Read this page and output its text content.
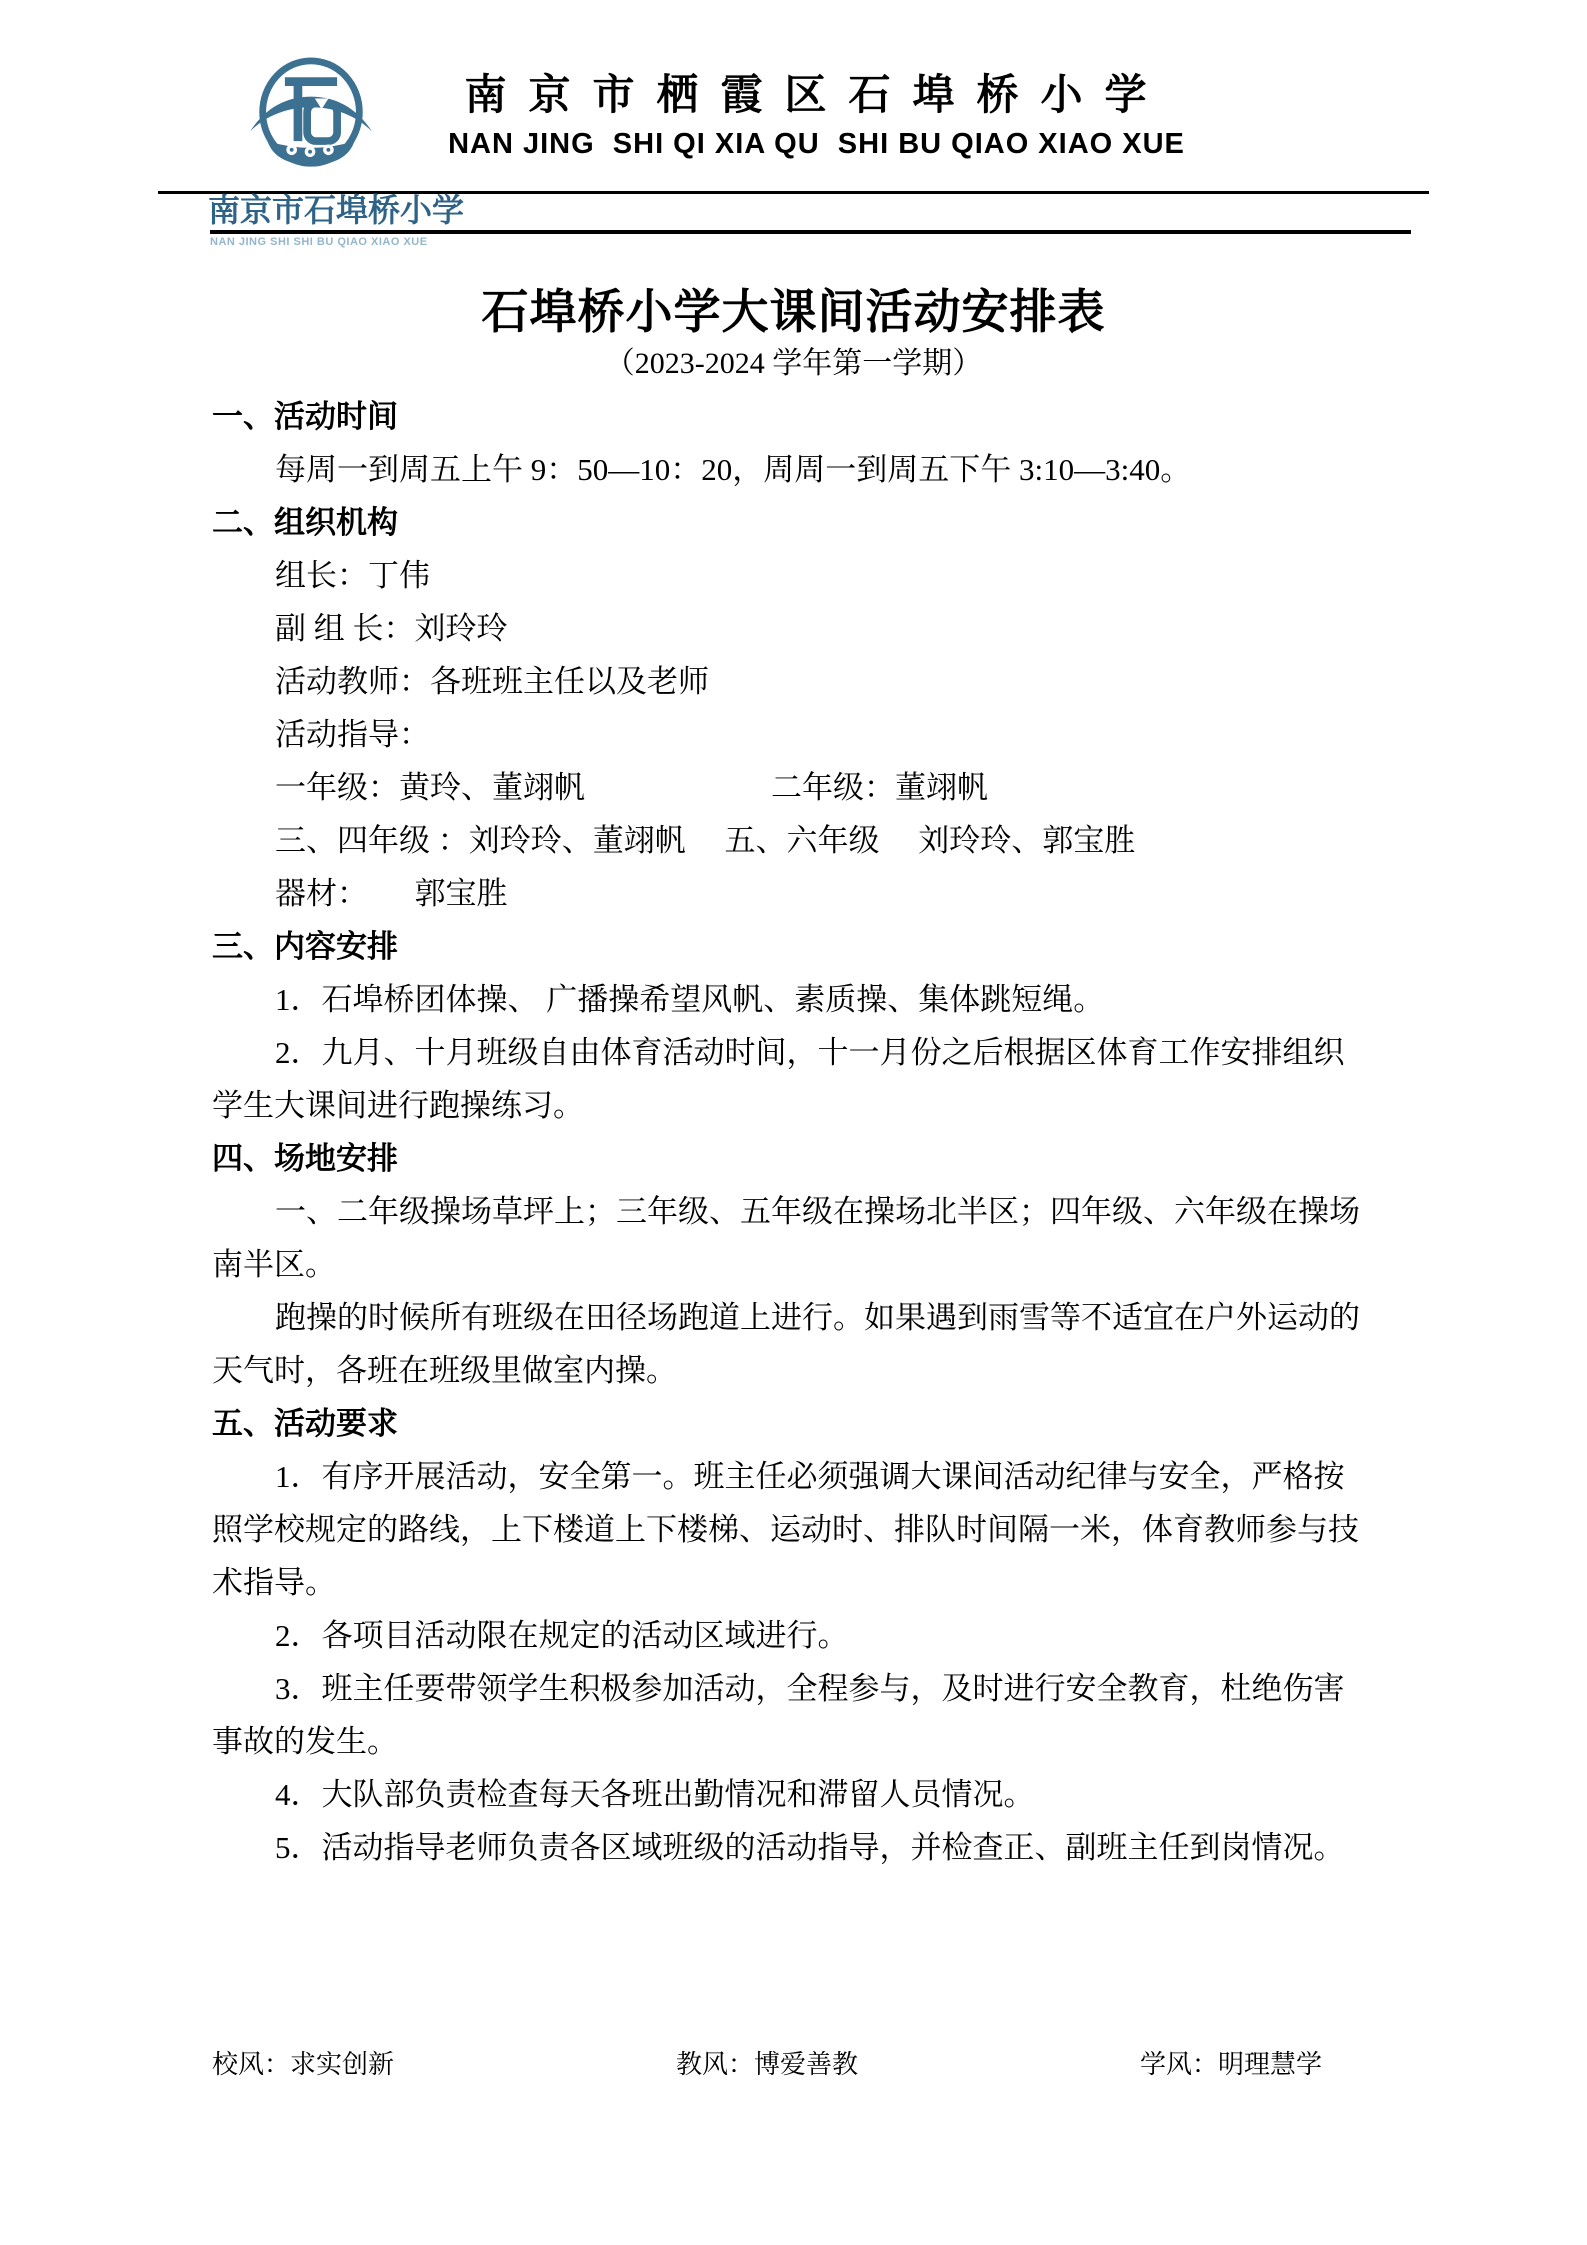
南京市栖霞区石埠桥小学
NAN JING  SHI QI XIA QU  SHI BU QIAO XIAO XUE
南京市石埠桥小学
NAN JING SHI SHI BU QIAO XIAO XUE
石埠桥小学大课间活动安排表
（2023-2024 学年第一学期）
一、活动时间
每周一到周五上午 9：50—10：20，周周一到周五下午 3:10—3:40。
二、组织机构
组长：丁伟
副 组 长：刘玲玲
活动教师：各班班主任以及老师
活动指导：
一年级：黄玲、董翊帆　　　　　　二年级：董翊帆
三、四年级 ：刘玲玲、董翊帆　 五、六年级　 刘玲玲、郭宝胜
器材：　　郭宝胜
三、内容安排
1．石埠桥团体操、 广播操希望风帆、素质操、集体跳短绳。
2．九月、十月班级自由体育活动时间，十一月份之后根据区体育工作安排组织
学生大课间进行跑操练习。
四、场地安排
一、二年级操场草坪上；三年级、五年级在操场北半区；四年级、六年级在操场
南半区。
跑操的时候所有班级在田径场跑道上进行。如果遇到雨雪等不适宜在户外运动的
天气时，各班在班级里做室内操。
五、活动要求
1．有序开展活动，安全第一。班主任必须强调大课间活动纪律与安全，严格按
照学校规定的路线，上下楼道上下楼梯、运动时、排队时间隔一米，体育教师参与技
术指导。
2．各项目活动限在规定的活动区域进行。
3．班主任要带领学生积极参加活动，全程参与，及时进行安全教育，杜绝伤害
事故的发生。
4．大队部负责检查每天各班出勤情况和滞留人员情况。
5．活动指导老师负责各区域班级的活动指导，并检查正、副班主任到岗情况。
校风：求实创新	教风：博爱善教	学风：明理慧学
